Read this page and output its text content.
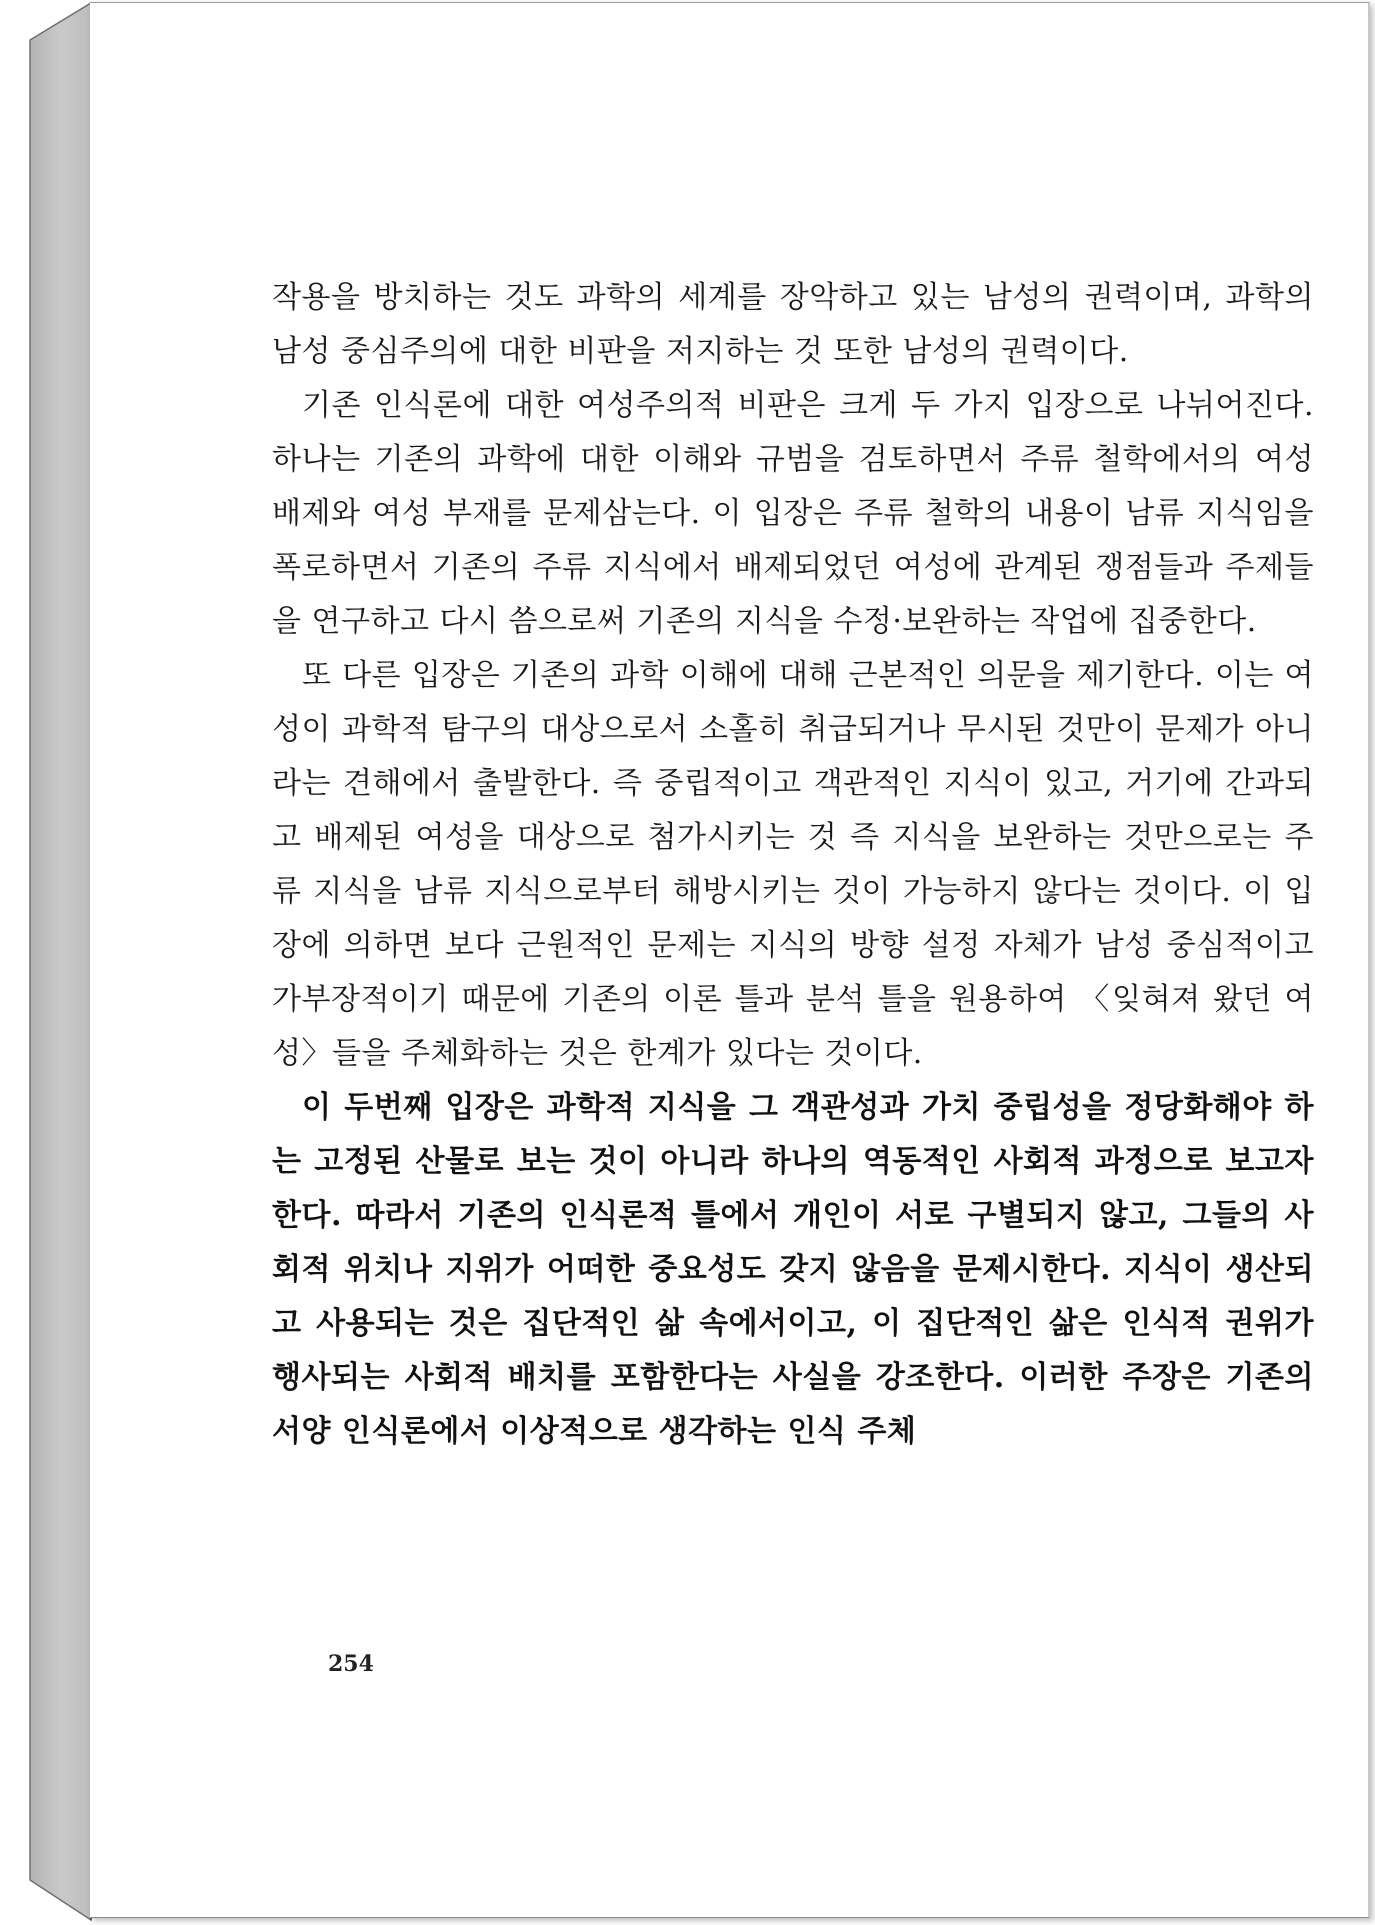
작용을 방치하는 것도 과학의 세계를 장악하고 있는 남성의 권력이며, 과학의 남성 중심주의에 대한 비판을 저지하는 것 또한 남성의 권력이다.

기존 인식론에 대한 여성주의적 비판은 크게 두 가지 입장으로 나뉘어진다. 하나는 기존의 과학에 대한 이해와 규범을 검토하면서 주류 철학에서의 여성 배제와 여성 부재를 문제삼는다. 이 입장은 주류 철학의 내용이 남류 지식임을 폭로하면서 기존의 주류 지식에서 배제되었던 여성에 관계된 쟁점들과 주제들을 연구하고 다시 씀으로써 기존의 지식을 수정·보완하는 작업에 집중한다.

또 다른 입장은 기존의 과학 이해에 대해 근본적인 의문을 제기한다. 이는 여성이 과학적 탐구의 대상으로서 소홀히 취급되거나 무시된 것만이 문제가 아니라는 견해에서 출발한다. 즉 중립적이고 객관적인 지식이 있고, 거기에 간과되고 배제된 여성을 대상으로 첨가시키는 것 즉 지식을 보완하는 것만으로는 주류 지식을 남류 지식으로부터 해방시키는 것이 가능하지 않다는 것이다. 이 입장에 의하면 보다 근원적인 문제는 지식의 방향 설정 자체가 남성 중심적이고 가부장적이기 때문에 기존의 이론 틀과 분석 틀을 원용하여 〈잊혀져 왔던 여성〉들을 주체화하는 것은 한계가 있다는 것이다.

이 두번째 입장은 과학적 지식을 그 객관성과 가치 중립성을 정당화해야 하는 고정된 산물로 보는 것이 아니라 하나의 역동적인 사회적 과정으로 보고자 한다. 따라서 기존의 인식론적 틀에서 개인이 서로 구별되지 않고, 그들의 사회적 위치나 지위가 어떠한 중요성도 갖지 않음을 문제시한다. 지식이 생산되고 사용되는 것은 집단적인 삶 속에서이고, 이 집단적인 삶은 인식적 권위가 행사되는 사회적 배치를 포함한다는 사실을 강조한다. 이러한 주장은 기존의 서양 인식론에서 이상적으로 생각하는 인식 주체

254
